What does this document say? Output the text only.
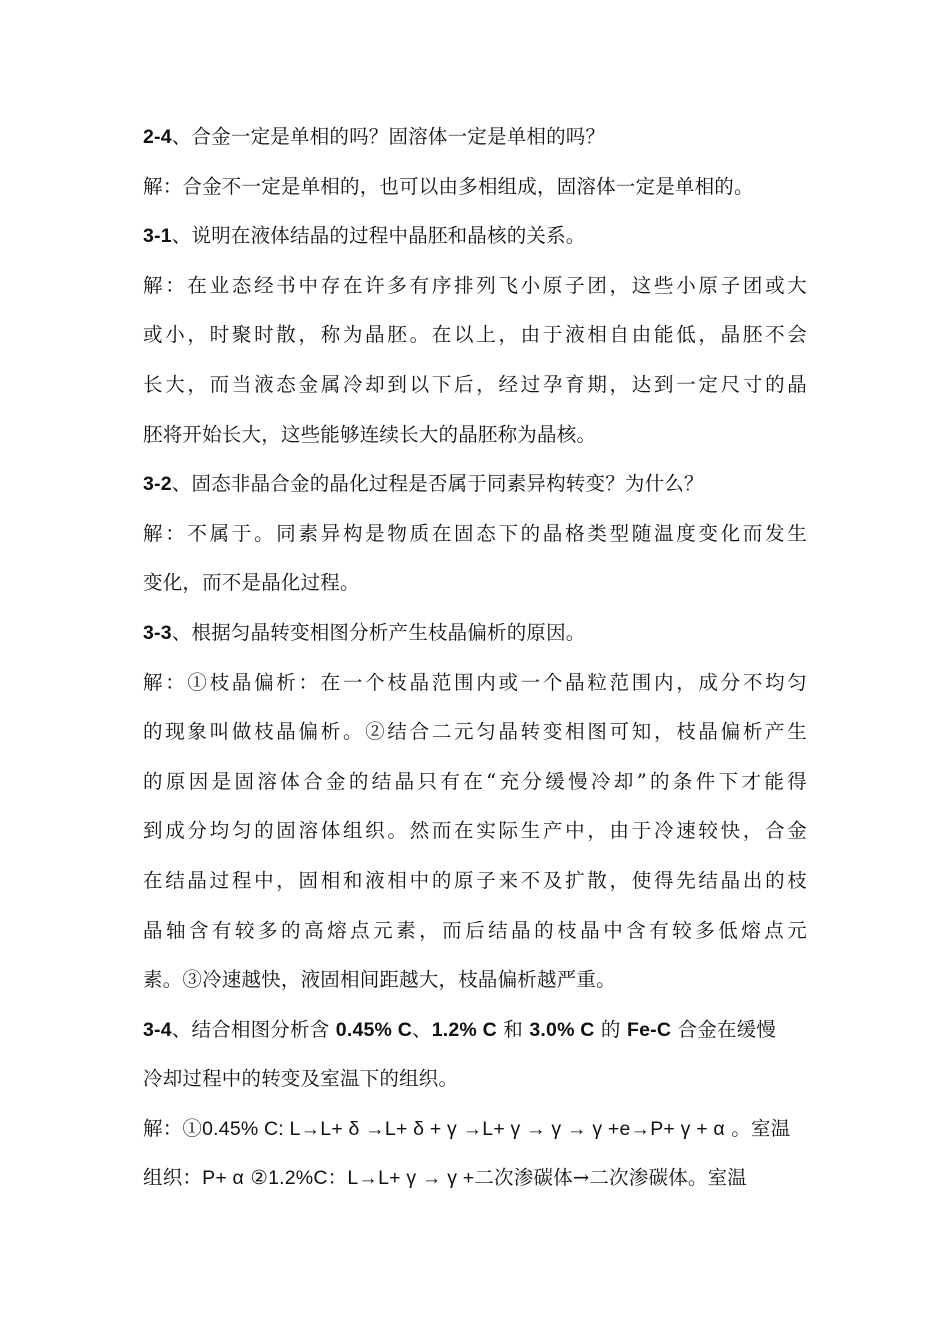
2-4、合金一定是单相的吗？固溶体一定是单相的吗？
解：合金不一定是单相的，也可以由多相组成，固溶体一定是单相的。
3-1、说明在液体结晶的过程中晶胚和晶核的关系。
解：在业态经书中存在许多有序排列飞小原子团，这些小原子团或大
或小，时聚时散，称为晶胚。在以上，由于液相自由能低，晶胚不会
长大，而当液态金属冷却到以下后，经过孕育期，达到一定尺寸的晶
胚将开始长大，这些能够连续长大的晶胚称为晶核。
3-2、固态非晶合金的晶化过程是否属于同素异构转变？为什么？
解：不属于。同素异构是物质在固态下的晶格类型随温度变化而发生
变化，而不是晶化过程。
3-3、根据匀晶转变相图分析产生枝晶偏析的原因。
解：①枝晶偏析：在一个枝晶范围内或一个晶粒范围内，成分不均匀
的现象叫做枝晶偏析。②结合二元匀晶转变相图可知，枝晶偏析产生
的原因是固溶体合金的结晶只有在“充分缓慢冷却”的条件下才能得
到成分均匀的固溶体组织。然而在实际生产中，由于冷速较快，合金
在结晶过程中，固相和液相中的原子来不及扩散，使得先结晶出的枝
晶轴含有较多的高熔点元素，而后结晶的枝晶中含有较多低熔点元
素。③冷速越快，液固相间距越大，枝晶偏析越严重。
3-4、结合相图分析含 0.45% C、1.2% C 和 3.0% C 的 Fe-C 合金在缓慢
冷却过程中的转变及室温下的组织。
解：①0.45% C: L→L+ δ →L+ δ + γ →L+ γ → γ → γ +e→P+ γ + α 。室温
组织：P+ α ②1.2%C：L→L+ γ → γ +二次渗碳体→二次渗碳体。室温
